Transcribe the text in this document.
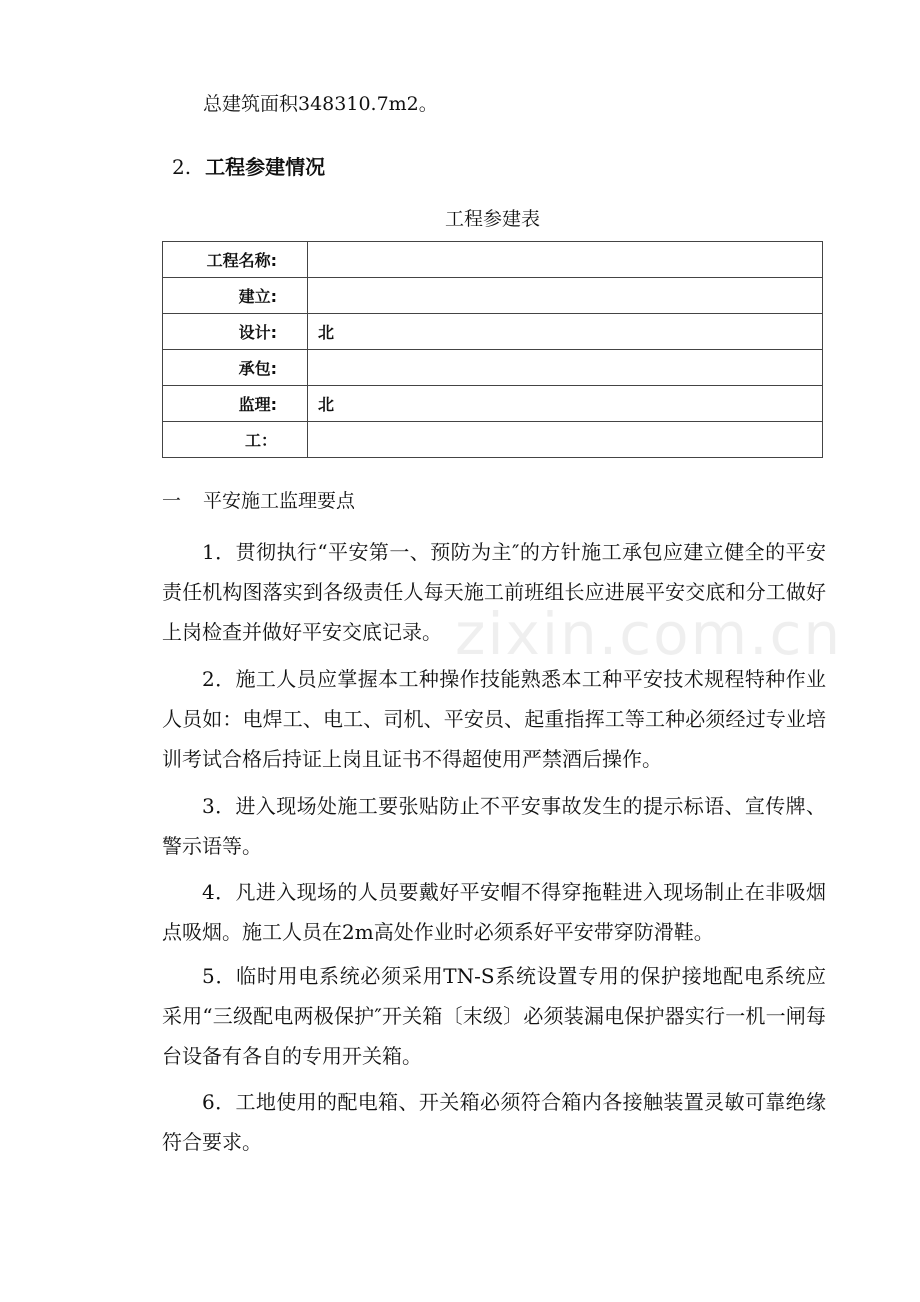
zixin.com.cn
总建筑面积348310.7m2。
2. 工程参建情况
工程参建表
工程名称:	
建立:	
设计:	北
承包:	
监理:	北
工：	
一 平安施工监理要点

1．贯彻执行“平安第一、预防为主″的方针施工承包应建立健全的平安责任机构图落实到各级责任人每天施工前班组长应进展平安交底和分工做好上岗检查并做好平安交底记录。

2．施工人员应掌握本工种操作技能熟悉本工种平安技术规程特种作业人员如：电焊工、电工、司机、平安员、起重指挥工等工种必须经过专业培训考试合格后持证上岗且证书不得超使用严禁酒后操作。

3．进入现场处施工要张贴防止不平安事故发生的提示标语、宣传牌、警示语等。

4．凡进入现场的人员要戴好平安帽不得穿拖鞋进入现场制止在非吸烟点吸烟。施工人员在2m高处作业时必须系好平安带穿防滑鞋。

5．临时用电系统必须采用TN-S系统设置专用的保护接地配电系统应采用“三级配电两极保护″开关箱〔末级〕必须装漏电保护器实行一机一闸每台设备有各自的专用开关箱。

6．工地使用的配电箱、开关箱必须符合箱内各接触装置灵敏可靠绝缘符合要求。
